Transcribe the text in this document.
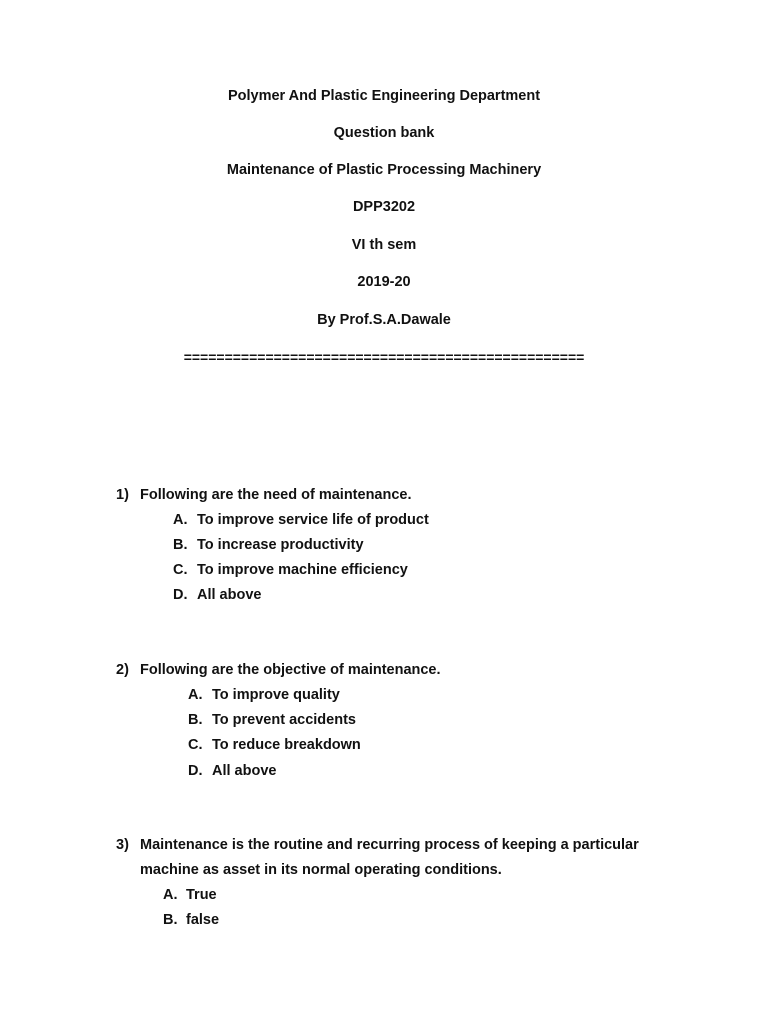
Polymer And Plastic Engineering Department
Question bank
Maintenance of Plastic Processing Machinery
DPP3202
VI th sem
2019-20
By Prof.S.A.Dawale
=================================================
1) Following are the need of maintenance.
A. To improve service life of product
B. To increase productivity
C. To improve machine efficiency
D. All above
2) Following are the objective of maintenance.
A. To improve quality
B. To prevent accidents
C. To reduce breakdown
D. All above
3) Maintenance is the routine and recurring process of keeping a particular
machine as asset in its normal operating conditions.
A. True
B. false
